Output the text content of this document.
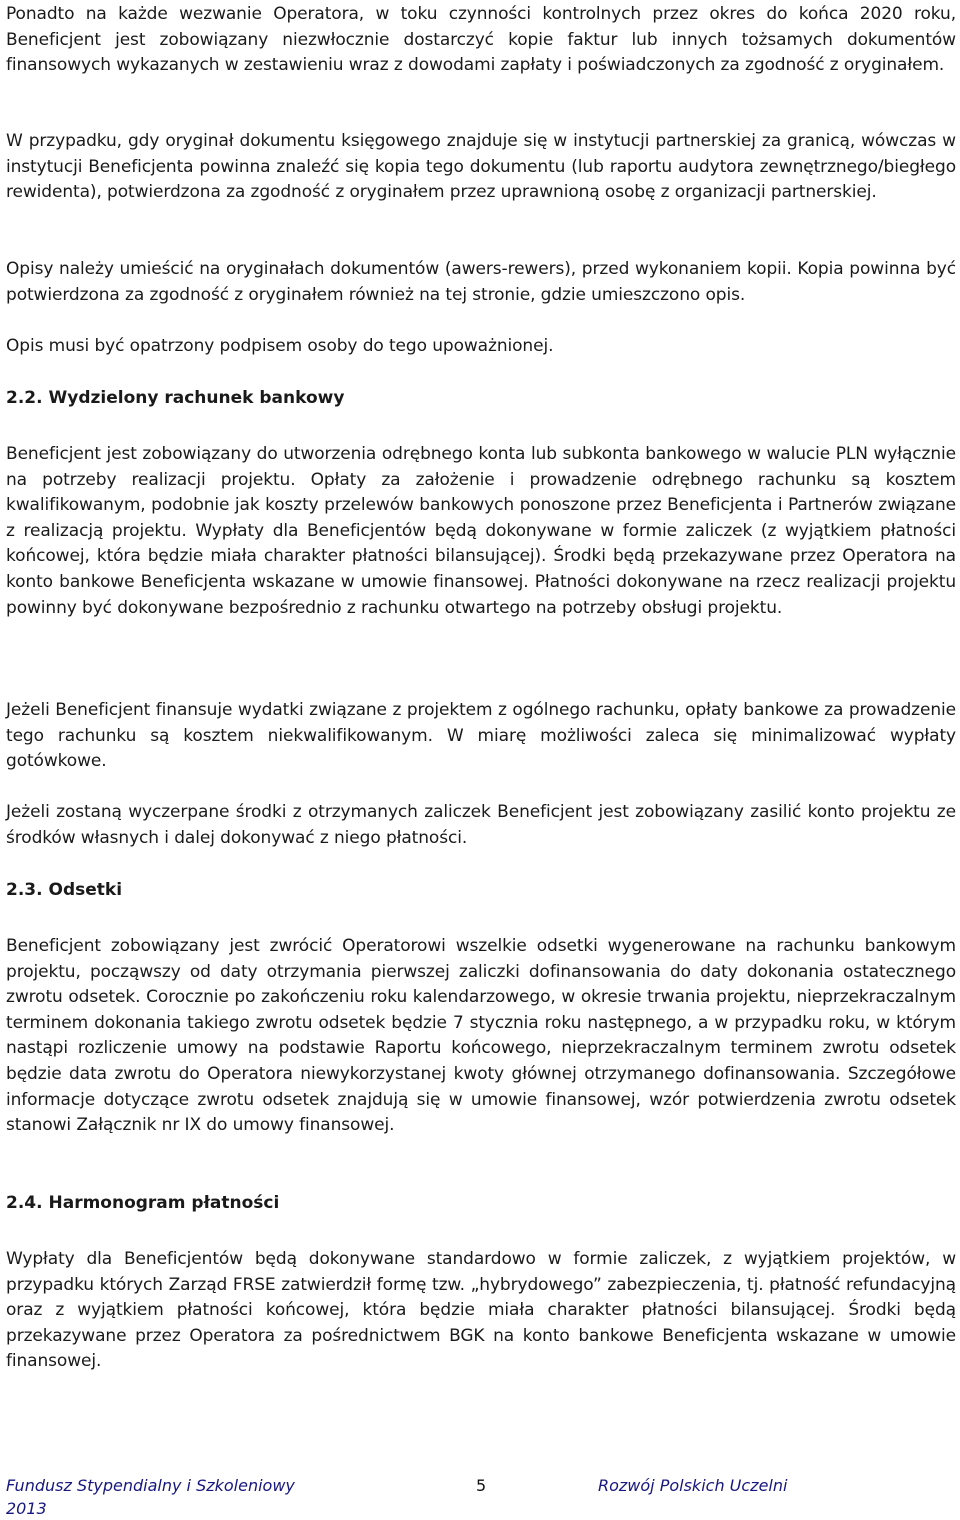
Ponadto na każde wezwanie Operatora, w toku czynności kontrolnych przez okres do końca 2020 roku, Beneficjent jest zobowiązany niezwłocznie dostarczyć kopie faktur lub innych tożsamych dokumentów finansowych wykazanych w zestawieniu wraz z dowodami zapłaty i poświadczonych za zgodność z oryginałem.

W przypadku, gdy oryginał dokumentu księgowego znajduje się w instytucji partnerskiej za granicą, wówczas w instytucji Beneficjenta powinna znaleźć się kopia tego dokumentu (lub raportu audytora zewnętrznego/biegłego rewidenta), potwierdzona za zgodność z oryginałem przez uprawnioną osobę z organizacji partnerskiej.

Opisy należy umieścić na oryginałach dokumentów (awers-rewers), przed wykonaniem kopii. Kopia powinna być potwierdzona za zgodność z oryginałem również na tej stronie, gdzie umieszczono opis.

Opis musi być opatrzony podpisem osoby do tego upoważnionej.

2.2. Wydzielony rachunek bankowy

Beneficjent jest zobowiązany do utworzenia odrębnego konta lub subkonta bankowego w walucie PLN wyłącznie na potrzeby realizacji projektu. Opłaty za założenie i prowadzenie odrębnego rachunku są kosztem kwalifikowanym, podobnie jak koszty przelewów bankowych ponoszone przez Beneficjenta i Partnerów związane z realizacją projektu. Wypłaty dla Beneficjentów będą dokonywane w formie zaliczek (z wyjątkiem płatności końcowej, która będzie miała charakter płatności bilansującej). Środki będą przekazywane przez Operatora na konto bankowe Beneficjenta wskazane w umowie finansowej. Płatności dokonywane na rzecz realizacji projektu powinny być dokonywane bezpośrednio z rachunku otwartego na potrzeby obsługi projektu.

Jeżeli Beneficjent finansuje wydatki związane z projektem z ogólnego rachunku, opłaty bankowe za prowadzenie tego rachunku są kosztem niekwalifikowanym. W miarę możliwości zaleca się minimalizować wypłaty gotówkowe.

Jeżeli zostaną wyczerpane środki z otrzymanych zaliczek Beneficjent jest zobowiązany zasilić konto projektu ze środków własnych i dalej dokonywać z niego płatności.

2.3. Odsetki

Beneficjent zobowiązany jest zwrócić Operatorowi wszelkie odsetki wygenerowane na rachunku bankowym projektu, począwszy od daty otrzymania pierwszej zaliczki dofinansowania do daty dokonania ostatecznego zwrotu odsetek. Corocznie po zakończeniu roku kalendarzowego, w okresie trwania projektu, nieprzekraczalnym terminem dokonania takiego zwrotu odsetek będzie 7 stycznia roku następnego, a w przypadku roku, w którym nastąpi rozliczenie umowy na podstawie Raportu końcowego, nieprzekraczalnym terminem zwrotu odsetek będzie data zwrotu do Operatora niewykorzystanej kwoty głównej otrzymanego dofinansowania. Szczegółowe informacje dotyczące zwrotu odsetek znajdują się w umowie finansowej, wzór potwierdzenia zwrotu odsetek stanowi Załącznik nr IX do umowy finansowej.

2.4. Harmonogram płatności

Wypłaty dla Beneficjentów będą dokonywane standardowo w formie zaliczek, z wyjątkiem projektów, w przypadku których Zarząd FRSE zatwierdził formę tzw. „hybrydowego” zabezpieczenia, tj. płatność refundacyjną oraz z wyjątkiem płatności końcowej, która będzie miała charakter płatności bilansującej. Środki będą przekazywane przez Operatora za pośrednictwem BGK na konto bankowe Beneficjenta wskazane w umowie finansowej.

Fundusz Stypendialny i Szkoleniowy 2013
5	Rozwój Polskich Uczelni
